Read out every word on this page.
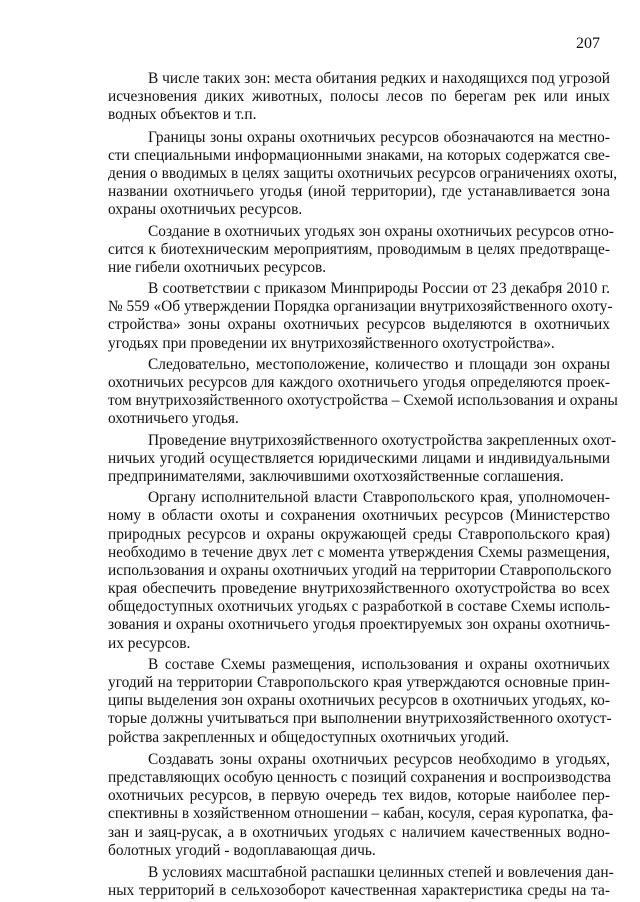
207
В числе таких зон: места обитания редких и находящихся под угрозой
исчезновения диких животных, полосы лесов по берегам рек или иных
водных объектов и т.п.
Границы зоны охраны охотничьих ресурсов обозначаются на местно-
сти специальными информационными знаками, на которых содержатся све-
дения о вводимых в целях защиты охотничьих ресурсов ограничениях охоты,
названии охотничьего угодья (иной территории), где устанавливается зона
охраны охотничьих ресурсов.
Создание в охотничьих угодьях зон охраны охотничьих ресурсов отно-
сится к биотехническим мероприятиям, проводимым в целях предотвраще-
ние гибели охотничьих ресурсов.
В соответствии с приказом Минприроды России от 23 декабря 2010 г.
№ 559 «Об утверждении Порядка организации внутрихозяйственного охоту-
стройства» зоны охраны охотничьих ресурсов выделяются в охотничьих
угодьях при проведении их внутрихозяйственного охотустройства».
Следовательно, местоположение, количество и площади зон охраны
охотничьих ресурсов для каждого охотничьего угодья определяются проек-
том внутрихозяйственного охотустройства – Схемой использования и охраны
охотничьего угодья.
Проведение внутрихозяйственного охотустройства закрепленных охот-
ничьих угодий осуществляется юридическими лицами и индивидуальными
предпринимателями, заключившими охотхозяйственные соглашения.
Органу исполнительной власти Ставропольского края, уполномочен-
ному в области охоты и сохранения охотничьих ресурсов (Министерство
природных ресурсов и охраны окружающей среды Ставропольского края)
необходимо в течение двух лет с момента утверждения Схемы размещения,
использования и охраны охотничьих угодий на территории Ставропольского
края обеспечить проведение внутрихозяйственного охотустройства во всех
общедоступных охотничьих угодьях с разработкой в составе Схемы исполь-
зования и охраны охотничьего угодья проектируемых зон охраны охотничь-
их ресурсов.
В составе Схемы размещения, использования и охраны охотничьих
угодий на территории Ставропольского края утверждаются основные прин-
ципы выделения зон охраны охотничьих ресурсов в охотничьих угодьях, ко-
торые должны учитываться при выполнении внутрихозяйственного охотуст-
ройства закрепленных и общедоступных охотничьих угодий.
Создавать зоны охраны охотничьих ресурсов необходимо в угодьях,
представляющих особую ценность с позиций сохранения и воспроизводства
охотничьих ресурсов, в первую очередь тех видов, которые наиболее пер-
спективны в хозяйственном отношении – кабан, косуля, серая куропатка, фа-
зан и заяц-русак, а в охотничьих угодьях с наличием качественных водно-
болотных угодий - водоплавающая дичь.
В условиях масштабной распашки целинных степей и вовлечения дан-
ных территорий в сельхозоборот качественная характеристика среды на та-
